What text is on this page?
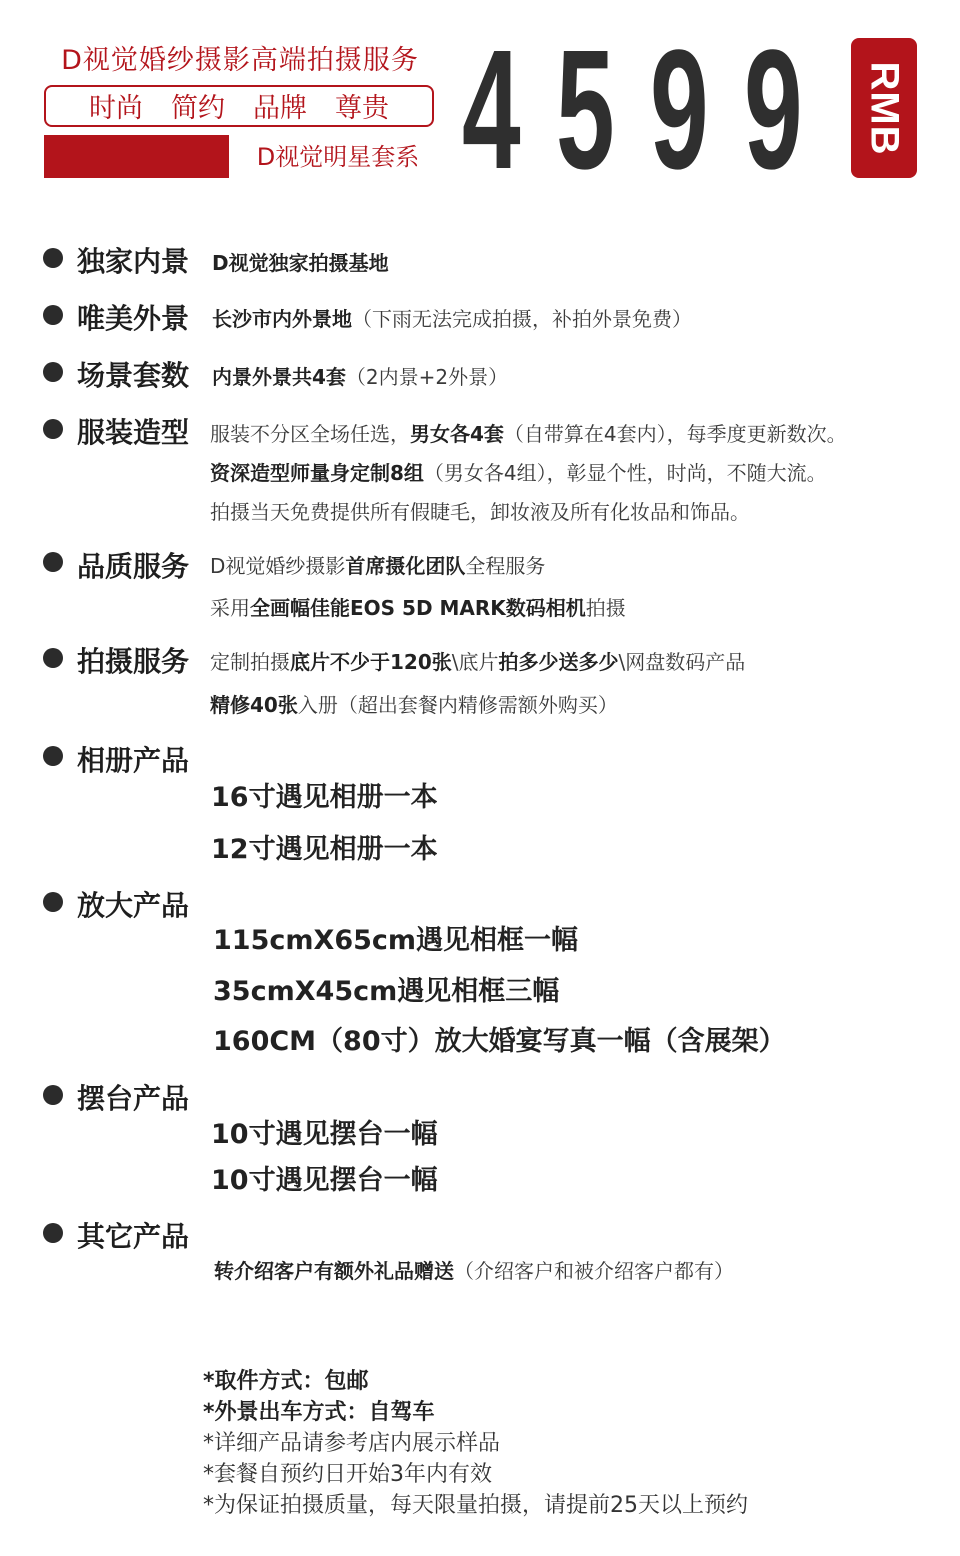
D视觉婚纱摄影高端拍摄服务
时尚 简约 品牌 尊贵
D视觉明星套系 4 5 9 9 RMB
独家内景 D视觉独家拍摄基地
唯美外景 长沙市内外景地（下雨无法完成拍摄，补拍外景免费）
场景套数 内景外景共4套（2内景+2外景）
服装造型 服装不分区全场任选，男女各4套（自带算在4套内），每季度更新数次。
资深造型师量身定制8组（男女各4组），彰显个性，时尚，不随大流。
拍摄当天免费提供所有假睫毛，卸妆液及所有化妆品和饰品。
品质服务 D视觉婚纱摄影首席摄化团队全程服务
采用全画幅佳能EOS 5D MARK数码相机拍摄
拍摄服务 定制拍摄底片不少于120张\底片拍多少送多少\网盘数码产品
精修40张入册（超出套餐内精修需额外购买）
相册产品
16寸遇见相册一本
12寸遇见相册一本
放大产品
115cmX65cm遇见相框一幅
35cmX45cm遇见相框三幅
160CM（80寸）放大婚宴写真一幅（含展架）
摆台产品
10寸遇见摆台一幅
10寸遇见摆台一幅
其它产品
转介绍客户有额外礼品赠送（介绍客户和被介绍客户都有）
*取件方式：包邮
*外景出车方式：自驾车
*详细产品请参考店内展示样品
*套餐自预约日开始3年内有效
*为保证拍摄质量，每天限量拍摄，请提前25天以上预约
